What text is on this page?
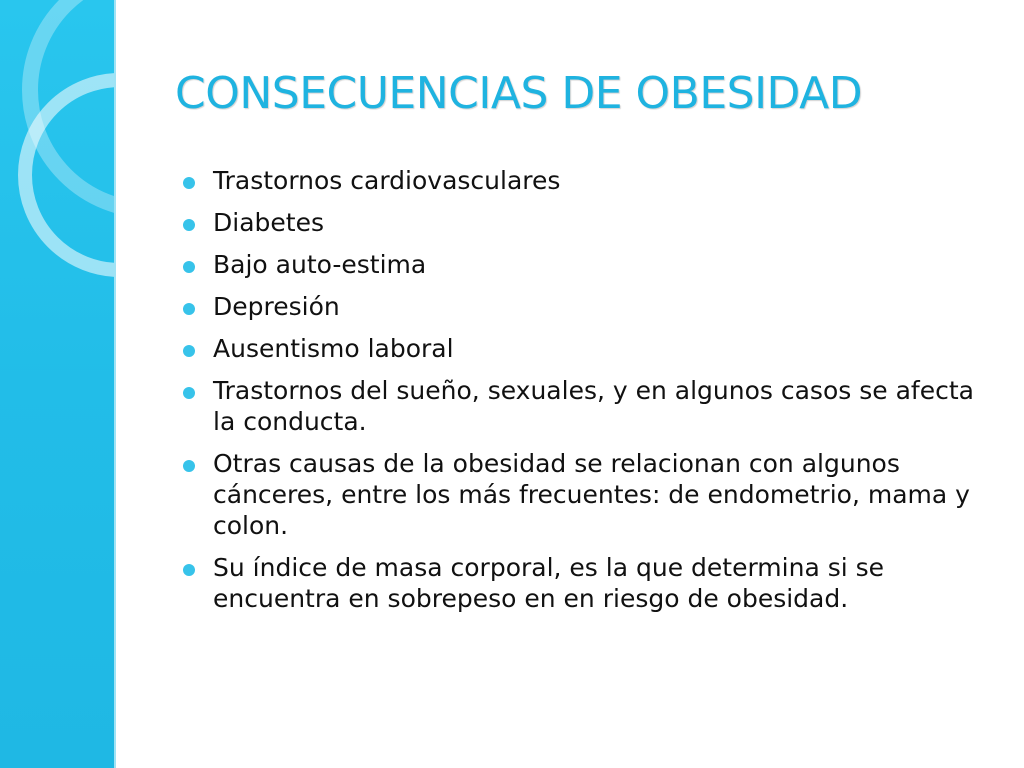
CONSECUENCIAS DE OBESIDAD
Trastornos cardiovasculares
Diabetes
Bajo auto-estima
Depresión
Ausentismo laboral
Trastornos del sueño, sexuales, y en algunos casos se afecta la conducta.
Otras causas de la obesidad se relacionan con algunos cánceres, entre los más frecuentes: de endometrio, mama y colon.
Su índice de masa corporal, es la que determina si se encuentra en sobrepeso en en riesgo de obesidad.
